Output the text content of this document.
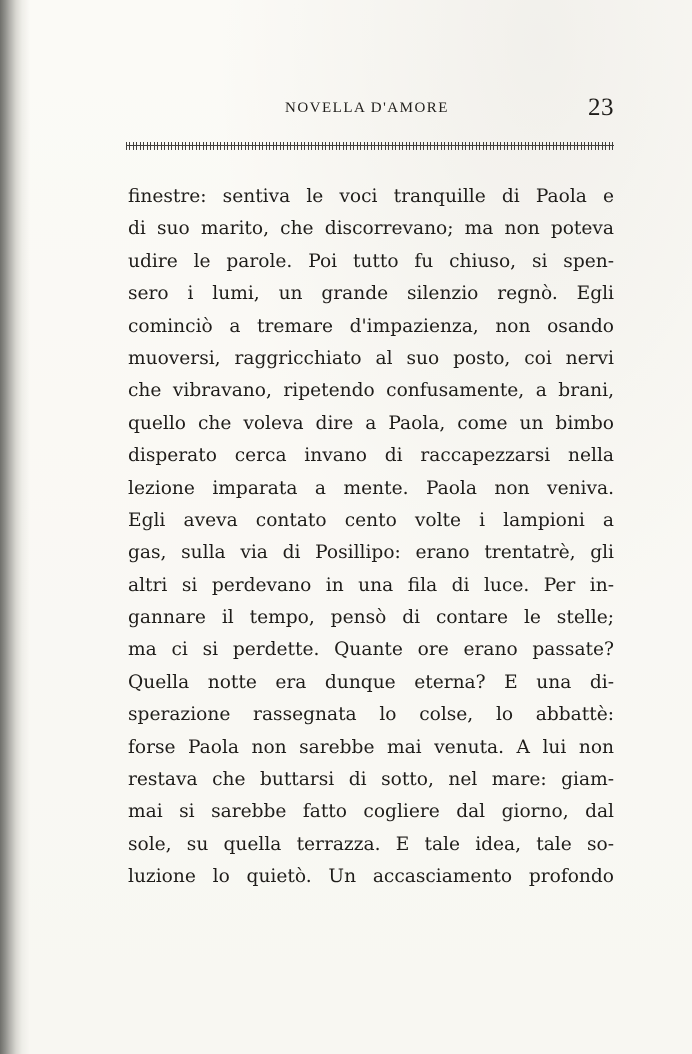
NOVELLA D'AMORE	23
finestre: sentiva le voci tranquille di Paola e
di suo marito, che discorrevano; ma non poteva
udire le parole. Poi tutto fu chiuso, si spen-
sero i lumi, un grande silenzio regnò. Egli
cominciò a tremare d'impazienza, non osando
muoversi, raggricchiato al suo posto, coi nervi
che vibravano, ripetendo confusamente, a brani,
quello che voleva dire a Paola, come un bimbo
disperato cerca invano di raccapezzarsi nella
lezione imparata a mente. Paola non veniva.
Egli aveva contato cento volte i lampioni a
gas, sulla via di Posillipo: erano trentatrè, gli
altri si perdevano in una fila di luce. Per in-
gannare il tempo, pensò di contare le stelle;
ma ci si perdette. Quante ore erano passate?
Quella notte era dunque eterna? E una di-
sperazione rassegnata lo colse, lo abbattè:
forse Paola non sarebbe mai venuta. A lui non
restava che buttarsi di sotto, nel mare: giam-
mai si sarebbe fatto cogliere dal giorno, dal
sole, su quella terrazza. E tale idea, tale so-
luzione lo quietò. Un accasciamento profondo
